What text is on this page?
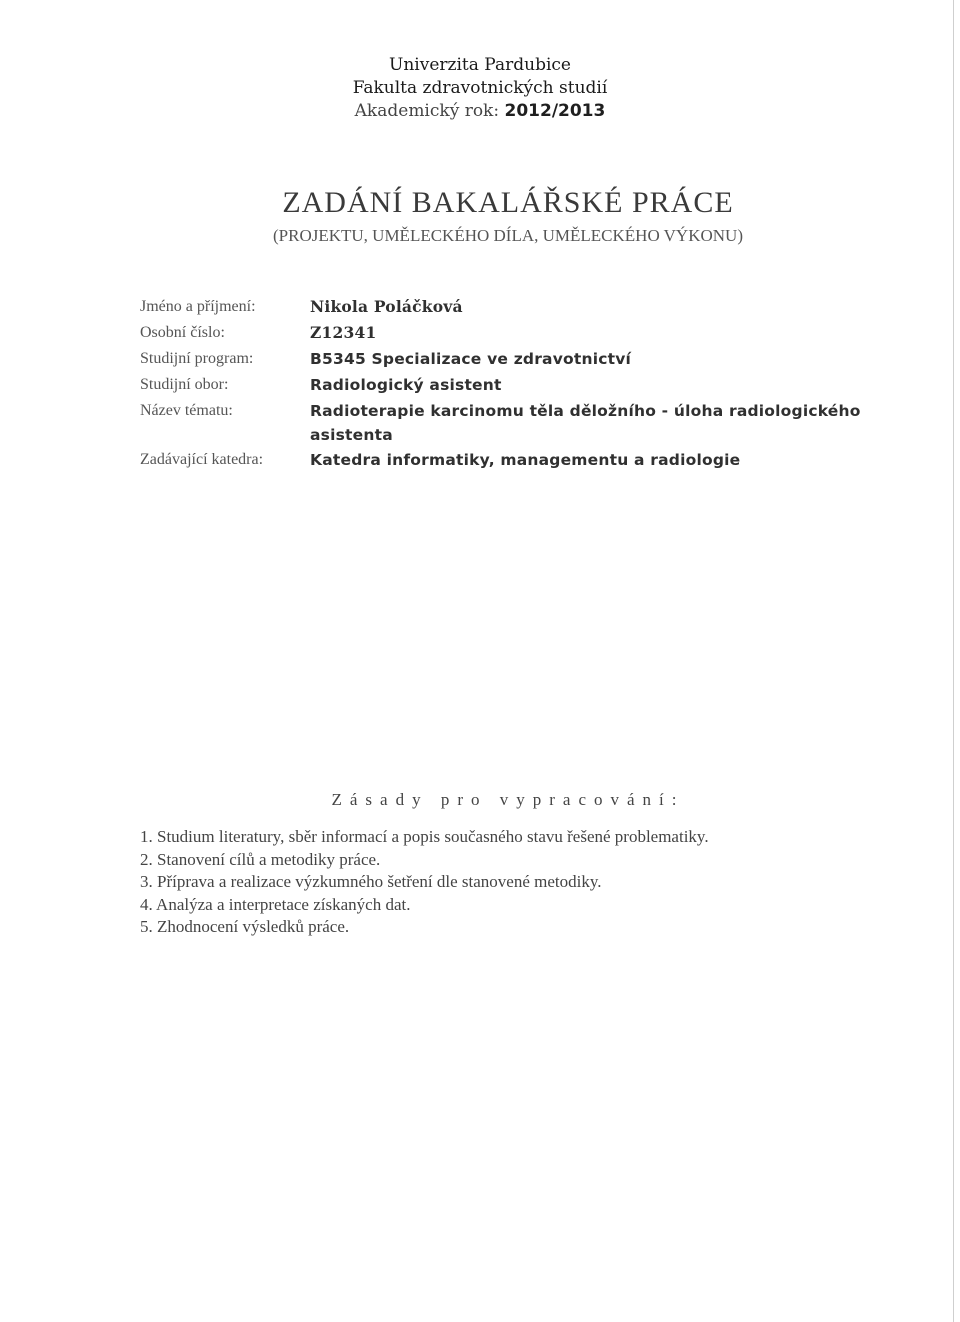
Univerzita Pardubice
Fakulta zdravotnických studií
Akademický rok: 2012/2013
ZADÁNÍ BAKALÁŘSKÉ PRÁCE
(PROJEKTU, UMĚLECKÉHO DÍLA, UMĚLECKÉHO VÝKONU)
Jméno a příjmení:	Nikola Poláčková
Osobní číslo:	Z12341
Studijní program:	B5345 Specializace ve zdravotnictví
Studijní obor:	Radiologický asistent
Název tématu:	Radioterapie karcinomu těla děložního - úloha radiologického asistenta
Zadávající katedra:	Katedra informatiky, managementu a radiologie
Zásady pro vypracování:
1. Studium literatury, sběr informací a popis současného stavu řešené problematiky.
2. Stanovení cílů a metodiky práce.
3. Příprava a realizace výzkumného šetření dle stanovené metodiky.
4. Analýza a interpretace získaných dat.
5. Zhodnocení výsledků práce.
